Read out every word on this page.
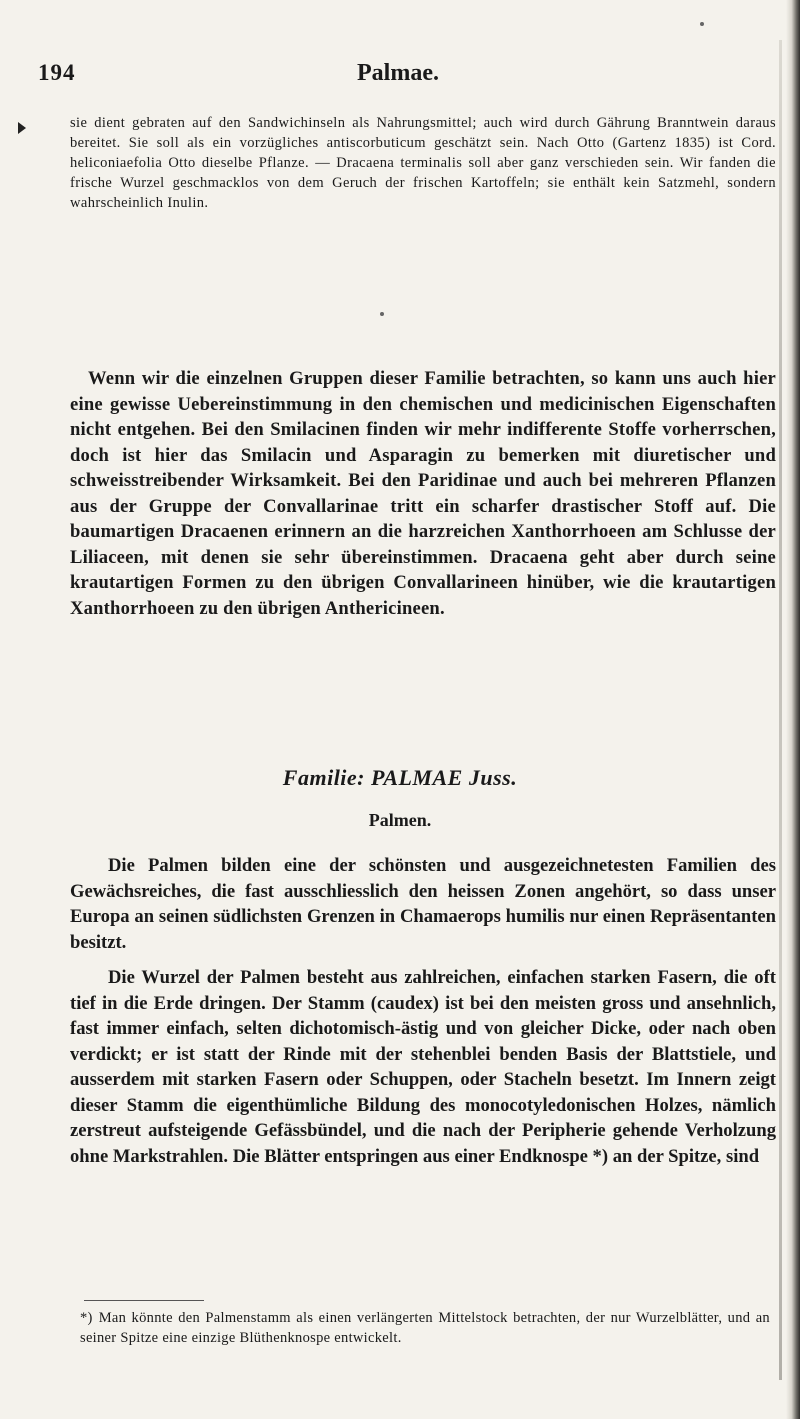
194	Palmae.
sie dient gebraten auf den Sandwichinseln als Nahrungsmittel; auch wird durch Gährung Branntwein daraus bereitet. Sie soll als ein vorzügliches antiscorbuticum geschätzt sein. Nach Otto (Gartenz 1835) ist Cord. heliconiaefolia Otto dieselbe Pflanze. — Dracaena terminalis soll aber ganz verschieden sein. Wir fanden die frische Wurzel geschmacklos von dem Geruch der frischen Kartoffeln; sie enthält kein Satzmehl, sondern wahrscheinlich Inulin.

Wenn wir die einzelnen Gruppen dieser Familie betrachten, so kann uns auch hier eine gewisse Uebereinstimmung in den chemischen und medicinischen Eigenschaften nicht entgehen. Bei den Smilacinen finden wir mehr indifferente Stoffe vorherrschen, doch ist hier das Smilacin und Asparagin zu bemerken mit diuretischer und schweisstreibender Wirksamkeit. Bei den Paridinae und auch bei mehreren Pflanzen aus der Gruppe der Convallarinae tritt ein scharfer drastischer Stoff auf. Die baumartigen Dracaenen erinnern an die harzreichen Xanthorrhoeen am Schlusse der Liliaceen, mit denen sie sehr übereinstimmen. Dracaena geht aber durch seine krautartigen Formen zu den übrigen Convallarineen hinüber, wie die krautartigen Xanthorrhoeen zu den übrigen Anthericineen.

Familie: PALMAE Juss.
Palmen.

Die Palmen bilden eine der schönsten und ausgezeichnetesten Familien des Gewächsreiches, die fast ausschliesslich den heissen Zonen angehört, so dass unser Europa an seinen südlichsten Grenzen in Chamaerops humilis nur einen Repräsentanten besitzt.

Die Wurzel der Palmen besteht aus zahlreichen, einfachen starken Fasern, die oft tief in die Erde dringen. Der Stamm (caudex) ist bei den meisten gross und ansehnlich, fast immer einfach, selten dichotomisch-ästig und von gleicher Dicke, oder nach oben verdickt; er ist statt der Rinde mit der stehenblei benden Basis der Blattstiele, und ausserdem mit starken Fasern oder Schuppen, oder Stacheln besetzt. Im Innern zeigt dieser Stamm die eigenthümliche Bildung des monocotyledonischen Holzes, nämlich zerstreut aufsteigende Gefässbündel, und die nach der Peripherie gehende Verholzung ohne Markstrahlen. Die Blätter entspringen aus einer Endknospe *) an der Spitze, sind

*) Man könnte den Palmenstamm als einen verlängerten Mittelstock betrachten, der nur Wurzelblätter, und an seiner Spitze eine einzige Blüthenknospe entwickelt.
